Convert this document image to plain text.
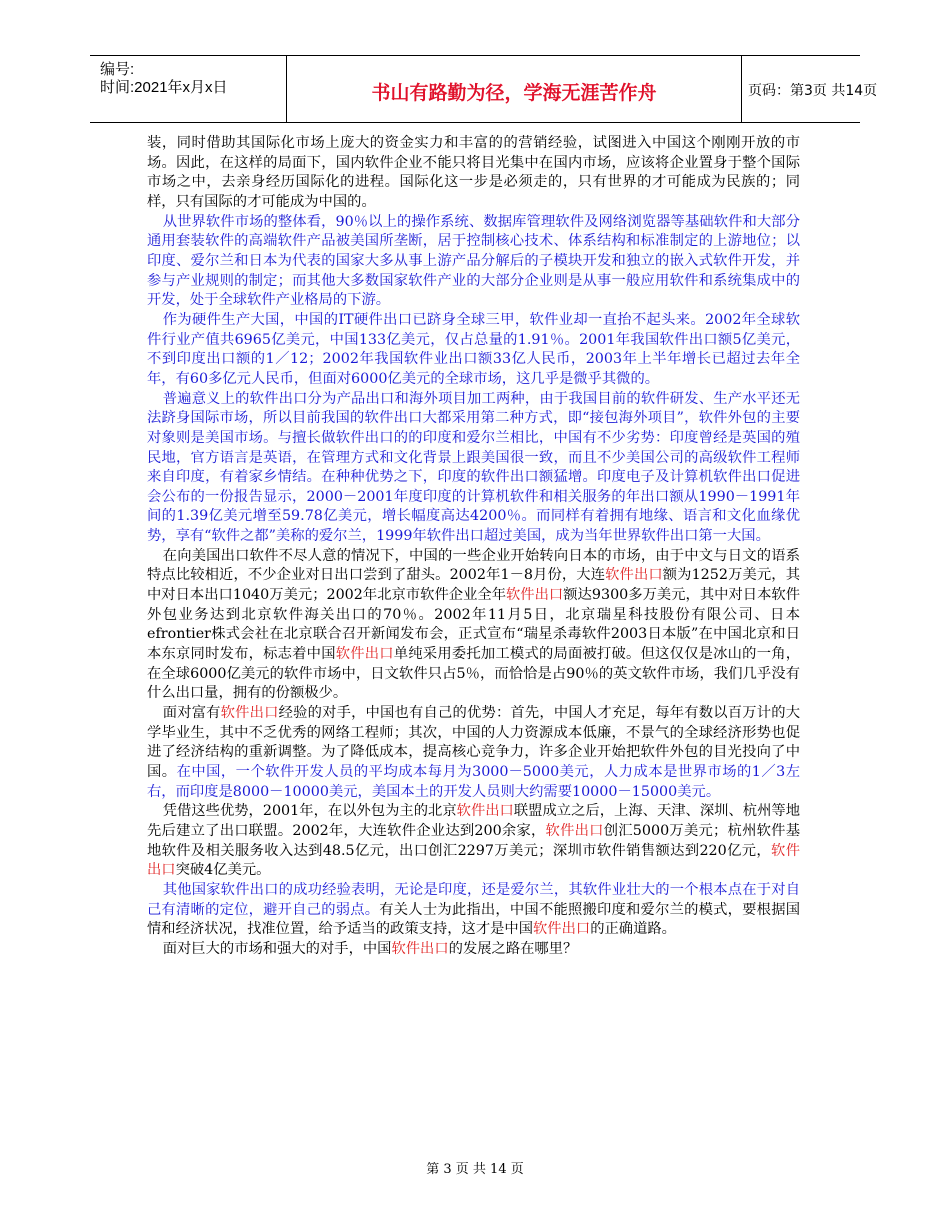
编号:
时间:2021年x月x日	书山有路勤为径，学海无涯苦作舟	页码：第3页 共14页

装，同时借助其国际化市场上庞大的资金实力和丰富的的营销经验，试图进入中国这个刚刚开放的市场。因此，在这样的局面下，国内软件企业不能只将目光集中在国内市场，应该将企业置身于整个国际市场之中，去亲身经历国际化的进程。国际化这一步是必须走的，只有世界的才可能成为民族的；同样，只有国际的才可能成为中国的。

从世界软件市场的整体看，90％以上的操作系统、数据库管理软件及网络浏览器等基础软件和大部分通用套装软件的高端软件产品被美国所垄断，居于控制核心技术、体系结构和标准制定的上游地位；以印度、爱尔兰和日本为代表的国家大多从事上游产品分解后的子模块开发和独立的嵌入式软件开发，并参与产业规则的制定；而其他大多数国家软件产业的大部分企业则是从事一般应用软件和系统集成中的开发，处于全球软件产业格局的下游。

作为硬件生产大国，中国的IT硬件出口已跻身全球三甲，软件业却一直抬不起头来。2002年全球软件行业产值共6965亿美元，中国133亿美元，仅占总量的1.91％。2001年我国软件出口额5亿美元，不到印度出口额的1／12；2002年我国软件业出口额33亿人民币，2003年上半年增长已超过去年全年，有60多亿元人民币，但面对6000亿美元的全球市场，这几乎是微乎其微的。

普遍意义上的软件出口分为产品出口和海外项目加工两种，由于我国目前的软件研发、生产水平还无法跻身国际市场，所以目前我国的软件出口大都采用第二种方式，即“接包海外项目”，软件外包的主要对象则是美国市场。与擅长做软件出口的的印度和爱尔兰相比，中国有不少劣势：印度曾经是英国的殖民地，官方语言是英语，在管理方式和文化背景上跟美国很一致，而且不少美国公司的高级软件工程师来自印度，有着家乡情结。在种种优势之下，印度的软件出口额猛增。印度电子及计算机软件出口促进会公布的一份报告显示，2000－2001年度印度的计算机软件和相关服务的年出口额从1990－1991年间的1.39亿美元增至59.78亿美元，增长幅度高达4200％。而同样有着拥有地缘、语言和文化血缘优势，享有“软件之都”美称的爱尔兰，1999年软件出口超过美国，成为当年世界软件出口第一大国。

在向美国出口软件不尽人意的情况下，中国的一些企业开始转向日本的市场，由于中文与日文的语系特点比较相近，不少企业对日出口尝到了甜头。2002年1－8月份，大连软件出口额为1252万美元，其中对日本出口1040万美元；2002年北京市软件企业全年软件出口额达9300多万美元，其中对日本软件外包业务达到北京软件海关出口的70％。2002年11月5日，北京瑞星科技股份有限公司、日本efrontier株式会社在北京联合召开新闻发布会，正式宣布“瑞星杀毒软件2003日本版”在中国北京和日本东京同时发布，标志着中国软件出口单纯采用委托加工模式的局面被打破。但这仅仅是冰山的一角，在全球6000亿美元的软件市场中，日文软件只占5％，而恰恰是占90％的英文软件市场，我们几乎没有什么出口量，拥有的份额极少。

面对富有软件出口经验的对手，中国也有自己的优势：首先，中国人才充足，每年有数以百万计的大学毕业生，其中不乏优秀的网络工程师；其次，中国的人力资源成本低廉，不景气的全球经济形势也促进了经济结构的重新调整。为了降低成本，提高核心竞争力，许多企业开始把软件外包的目光投向了中国。在中国，一个软件开发人员的平均成本每月为3000－5000美元，人力成本是世界市场的1／3左右，而印度是8000－10000美元，美国本土的开发人员则大约需要10000－15000美元。

凭借这些优势，2001年，在以外包为主的北京软件出口联盟成立之后，上海、天津、深圳、杭州等地先后建立了出口联盟。2002年，大连软件企业达到200余家，软件出口创汇5000万美元；杭州软件基地软件及相关服务收入达到48.5亿元，出口创汇2297万美元；深圳市软件销售额达到220亿元，软件出口突破4亿美元。

其他国家软件出口的成功经验表明，无论是印度，还是爱尔兰，其软件业壮大的一个根本点在于对自己有清晰的定位，避开自己的弱点。有关人士为此指出，中国不能照搬印度和爱尔兰的模式，要根据国情和经济状况，找准位置，给予适当的政策支持，这才是中国软件出口的正确道路。

面对巨大的市场和强大的对手，中国软件出口的发展之路在哪里？

第 3 页 共 14 页
